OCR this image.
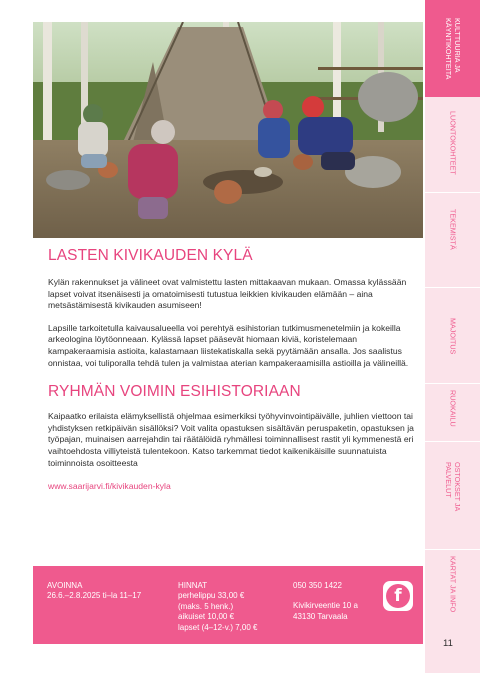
LASTEN KIVIKAUDEN KYLÄ

Kylän rakennukset ja välineet ovat valmistettu lasten mittakaavan mukaan. Omassa kylässään lapset voivat itsenäisesti ja omatoimisesti tutustua leikkien kivikauden elämään – aina metsästämisestä kivikauden asumiseen!

Lapsille tarkoitetulla kaivausalueella voi perehtyä esihistorian tutkimusmenetelmiin ja kokeilla arkeologina löytöonneaan. Kylässä lapset pääsevät hiomaan kiviä, koristelemaan kampakeraamisia astioita, kalastamaan liistekatiskalla sekä pyytämään ansalla. Jos saalistus onnistaa, voi tuliporalla tehdä tulen ja valmistaa aterian kampakeraamisilla astioilla ja välineillä.

RYHMÄN VOIMIN ESIHISTORIAAN

Kaipaatko erilaista elämyksellistä ohjelmaa esimerkiksi työhyvinvointipäivälle, juhlien viettoon tai yhdistyksen retkipäivän sisällöksi? Voit valita opastuksen sisältävän peruspaketin, opastuksen ja työpajan, muinaisen aarrejahdin tai räätälöidä ryhmällesi toiminnallisest rastit yli kymmenestä eri vaihtoehdosta villiyteistä tulentekoon. Katso tarkemmat tiedot kaikenikäisille suunnatuista toiminnoista osoitteesta

www.saarijarvi.fi/kivikauden-kyla
AVOINNA
26.6.–2.8.2025 ti–la 11–17
HINNAT
perhelippu 33,00 €
(maks. 5 henk.)
aikuiset 10,00 €
lapset (4–12-v.) 7,00 €
050 350 1422
Kivikirveentie 10 a
43130 Tarvaala
f
KULTTUURIA JA
KÄYNTIKOHTEITA
LUONTOKOHTEET
TEKEMISTÄ
MAJOITUS
RUOKAILU
OSTOKSET JA
PALVELUT
KARTAT JA INFO
11
